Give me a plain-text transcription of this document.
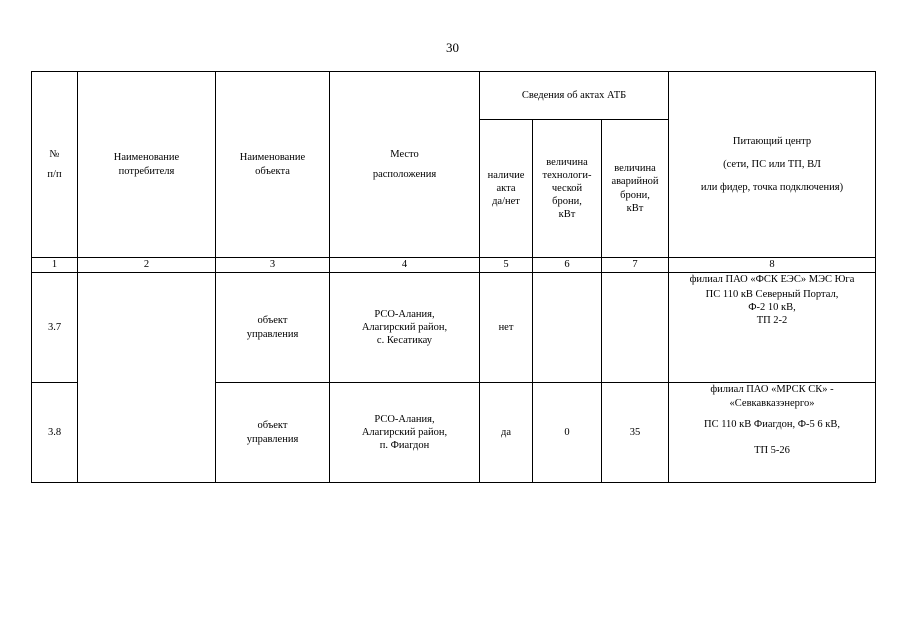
30
№
п/п	Наименование
потребителя	Наименование
объекта	Место
расположения	Сведения об актах АТБ			Питающий центр
(сети, ПС или ТП, ВЛ
или фидер, точка подключения)

				наличие
акта
да/нет	величина
технологи-
ческой
брони,
кВт	величина
аварийной
брони,
кВт	

1	2	3	4	5	6	7	8
3.7		объект
управления	РСО-Алания,
Алагирский район,
с. Кесатикау	нет			филиал ПАО «ФСК ЕЭС» МЭС Юга
ПС 110 кВ Северный Портал,
Ф-2 10 кВ,
ТП 2-2

3.8		объект
управления	РСО-Алания,
Алагирский район,
п. Фиагдон	да	0	35	филиал ПАО «МРСК СК» -
«Севкавказэнерго»
ПС 110 кВ Фиагдон, Ф-5 6 кВ,
ТП 5-26
